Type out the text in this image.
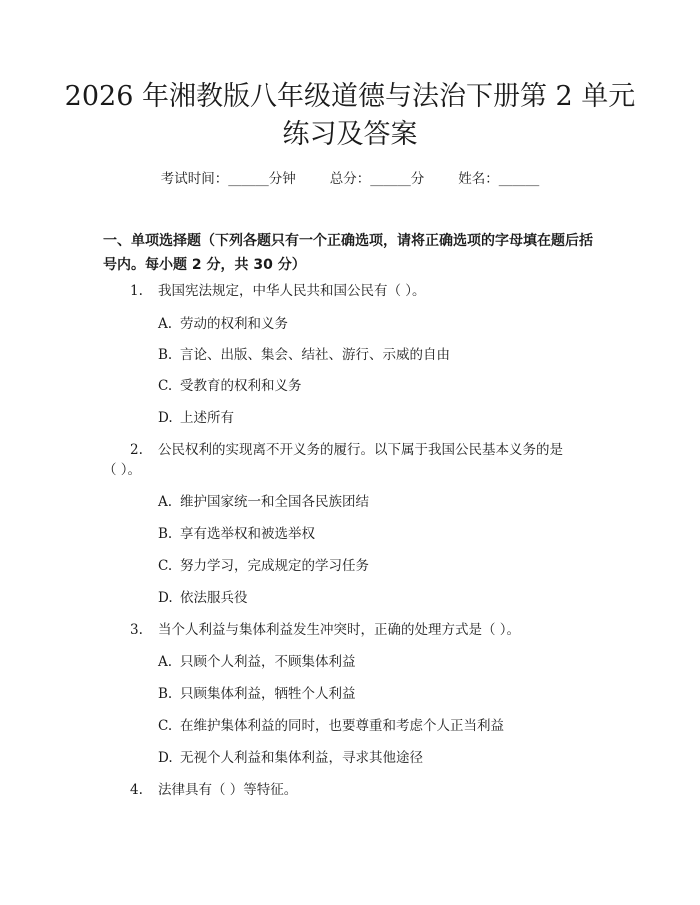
2026 年湘教版八年级道德与法治下册第 2 单元练习及答案
考试时间：______分钟	总分：______分	姓名：______
一、单项选择题（下列各题只有一个正确选项，请将正确选项的字母填在题后括号内。每小题 2 分，共 30 分）
1. 我国宪法规定，中华人民共和国公民有（ ）。
A. 劳动的权利和义务
B. 言论、出版、集会、结社、游行、示威的自由
C. 受教育的权利和义务
D. 上述所有
2. 公民权利的实现离不开义务的履行。以下属于我国公民基本义务的是
（ ）。
A. 维护国家统一和全国各民族团结
B. 享有选举权和被选举权
C. 努力学习，完成规定的学习任务
D. 依法服兵役
3. 当个人利益与集体利益发生冲突时，正确的处理方式是（ ）。
A. 只顾个人利益，不顾集体利益
B. 只顾集体利益，牺牲个人利益
C. 在维护集体利益的同时，也要尊重和考虑个人正当利益
D. 无视个人利益和集体利益，寻求其他途径
4. 法律具有（ ）等特征。
